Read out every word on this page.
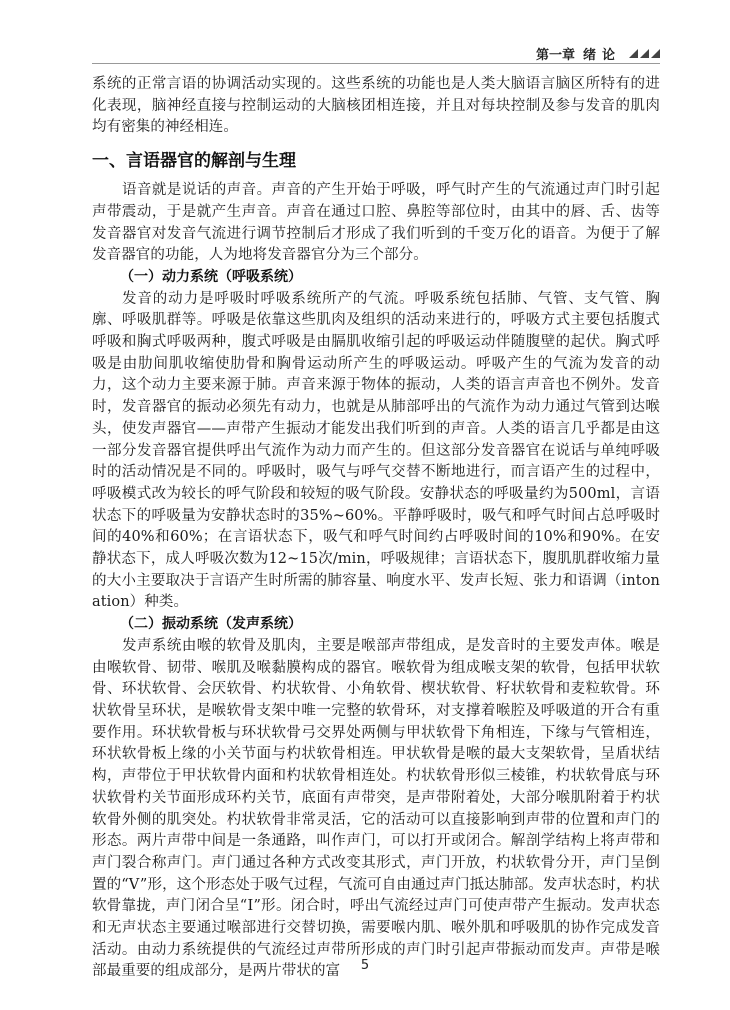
第一章 绪论

系统的正常言语的协调活动实现的。这些系统的功能也是人类大脑语言脑区所特有的进化表现，脑神经直接与控制运动的大脑核团相连接，并且对每块控制及参与发音的肌肉均有密集的神经相连。

一、言语器官的解剖与生理

语音就是说话的声音。声音的产生开始于呼吸，呼气时产生的气流通过声门时引起声带震动，于是就产生声音。声音在通过口腔、鼻腔等部位时，由其中的唇、舌、齿等发音器官对发音气流进行调节控制后才形成了我们听到的千变万化的语音。为便于了解发音器官的功能，人为地将发音器官分为三个部分。

（一）动力系统（呼吸系统）

发音的动力是呼吸时呼吸系统所产的气流。呼吸系统包括肺、气管、支气管、胸廓、呼吸肌群等。呼吸是依靠这些肌肉及组织的活动来进行的，呼吸方式主要包括腹式呼吸和胸式呼吸两种，腹式呼吸是由膈肌收缩引起的呼吸运动伴随腹壁的起伏。胸式呼吸是由肋间肌收缩使肋骨和胸骨运动所产生的呼吸运动。呼吸产生的气流为发音的动力，这个动力主要来源于肺。声音来源于物体的振动，人类的语言声音也不例外。发音时，发音器官的振动必须先有动力，也就是从肺部呼出的气流作为动力通过气管到达喉头，使发声器官——声带产生振动才能发出我们听到的声音。人类的语言几乎都是由这一部分发音器官提供呼出气流作为动力而产生的。但这部分发音器官在说话与单纯呼吸时的活动情况是不同的。呼吸时，吸气与呼气交替不断地进行，而言语产生的过程中，呼吸模式改为较长的呼气阶段和较短的吸气阶段。安静状态的呼吸量约为500ml，言语状态下的呼吸量为安静状态时的35%~60%。平静呼吸时，吸气和呼气时间占总呼吸时间的40%和60%；在言语状态下，吸气和呼气时间约占呼吸时间的10%和90%。在安静状态下，成人呼吸次数为12~15次/min，呼吸规律；言语状态下，腹肌肌群收缩力量的大小主要取决于言语产生时所需的肺容量、响度水平、发声长短、张力和语调（intonation）种类。

（二）振动系统（发声系统）

发声系统由喉的软骨及肌肉，主要是喉部声带组成，是发音时的主要发声体。喉是由喉软骨、韧带、喉肌及喉黏膜构成的器官。喉软骨为组成喉支架的软骨，包括甲状软骨、环状软骨、会厌软骨、杓状软骨、小角软骨、楔状软骨、籽状软骨和麦粒软骨。环状软骨呈环状，是喉软骨支架中唯一完整的软骨环，对支撑着喉腔及呼吸道的开合有重要作用。环状软骨板与环状软骨弓交界处两侧与甲状软骨下角相连，下缘与气管相连，环状软骨板上缘的小关节面与杓状软骨相连。甲状软骨是喉的最大支架软骨，呈盾状结构，声带位于甲状软骨内面和杓状软骨相连处。杓状软骨形似三棱锥，杓状软骨底与环状软骨杓关节面形成环杓关节，底面有声带突，是声带附着处，大部分喉肌附着于杓状软骨外侧的肌突处。杓状软骨非常灵活，它的活动可以直接影响到声带的位置和声门的形态。两片声带中间是一条通路，叫作声门，可以打开或闭合。解剖学结构上将声带和声门裂合称声门。声门通过各种方式改变其形式，声门开放，杓状软骨分开，声门呈倒置的“V”形，这个形态处于吸气过程，气流可自由通过声门抵达肺部。发声状态时，杓状软骨靠拢，声门闭合呈“Ⅰ”形。闭合时，呼出气流经过声门可使声带产生振动。发声状态和无声状态主要通过喉部进行交替切换，需要喉内肌、喉外肌和呼吸肌的协作完成发音活动。由动力系统提供的气流经过声带所形成的声门时引起声带振动而发声。声带是喉部最重要的组成部分，是两片带状的富	5
